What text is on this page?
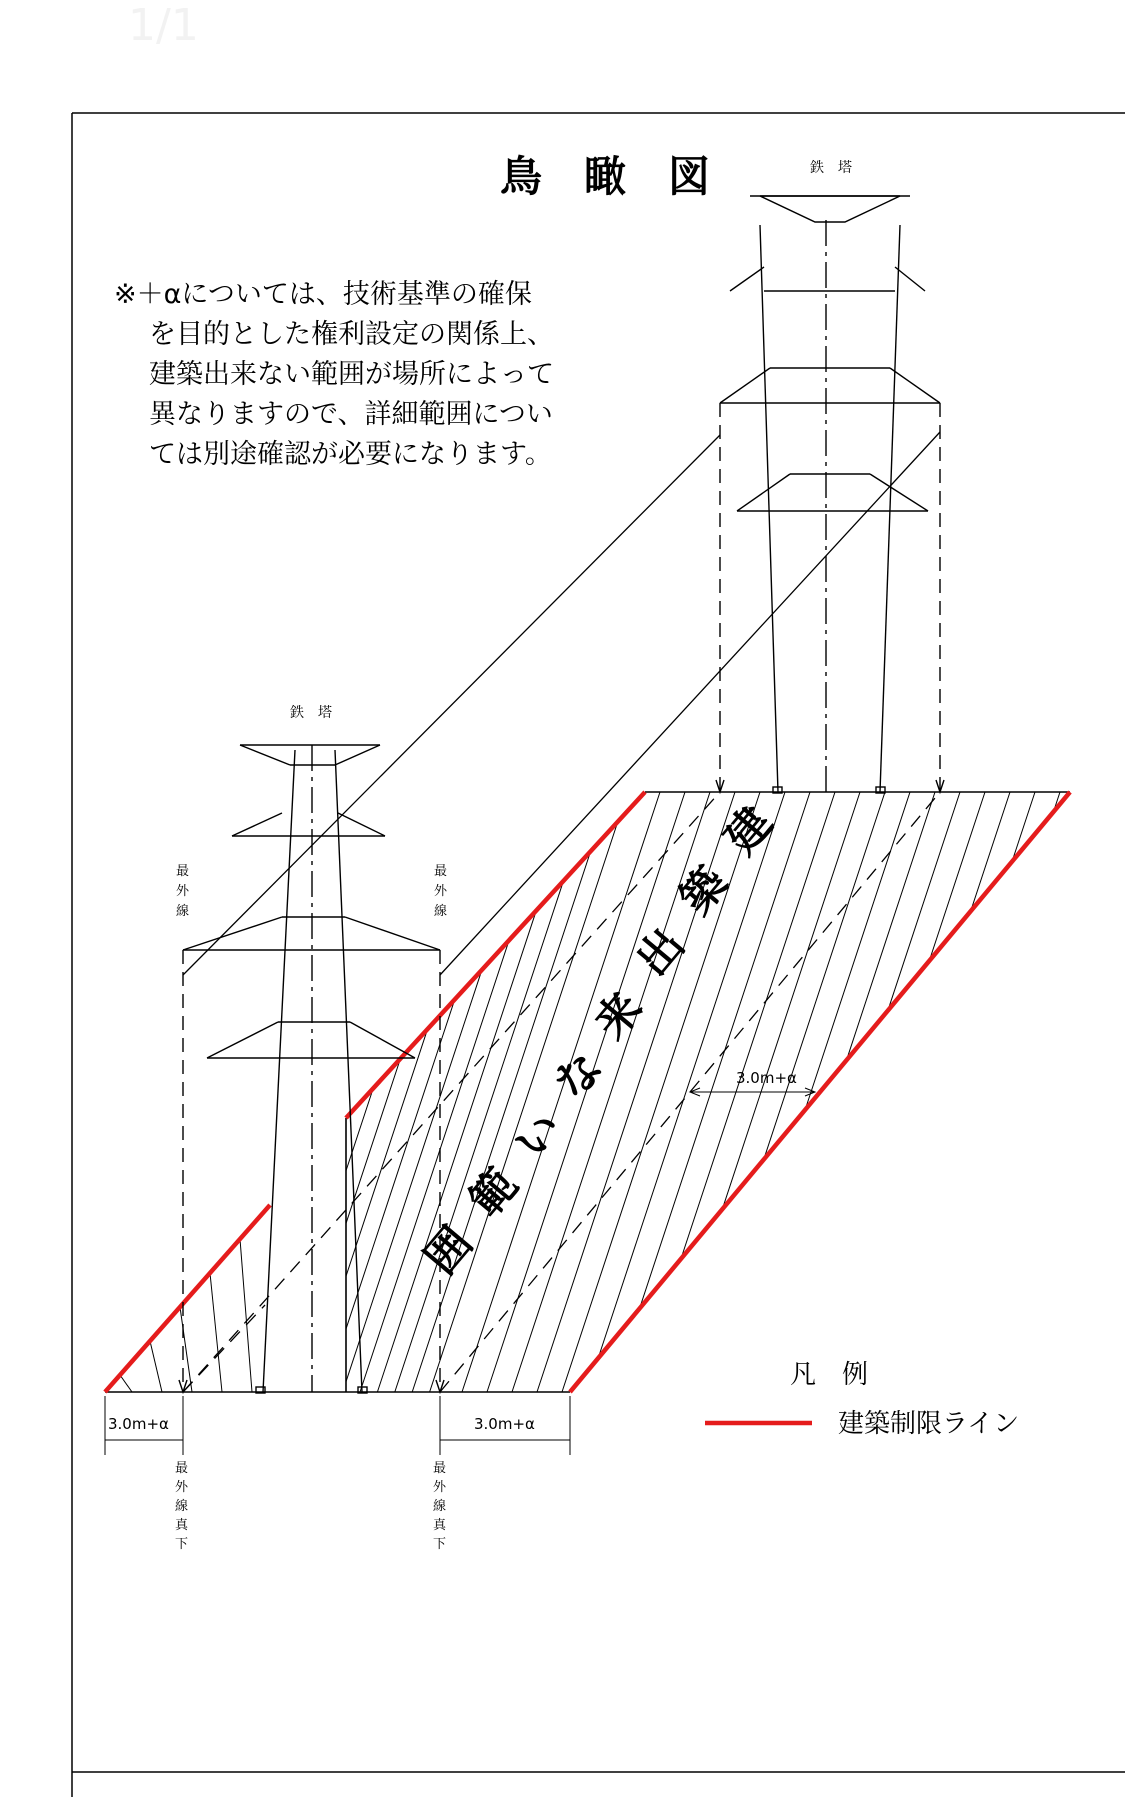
1/1
鳥　瞰　図
※＋αについては、技術基準の確保
を目的とした権利設定の関係上、
建築出来ない範囲が場所によって
異なりますので、詳細範囲につい
ては別途確認が必要になります。
鉄　塔
鉄　塔
最
外
線
最
外
線
最
外
線
真
下
最
外
線
真
下
3.0m+α	3.0m+α
3.0m+α
建
築
出
来
な
い
範
囲
凡　例
建築制限ライン
